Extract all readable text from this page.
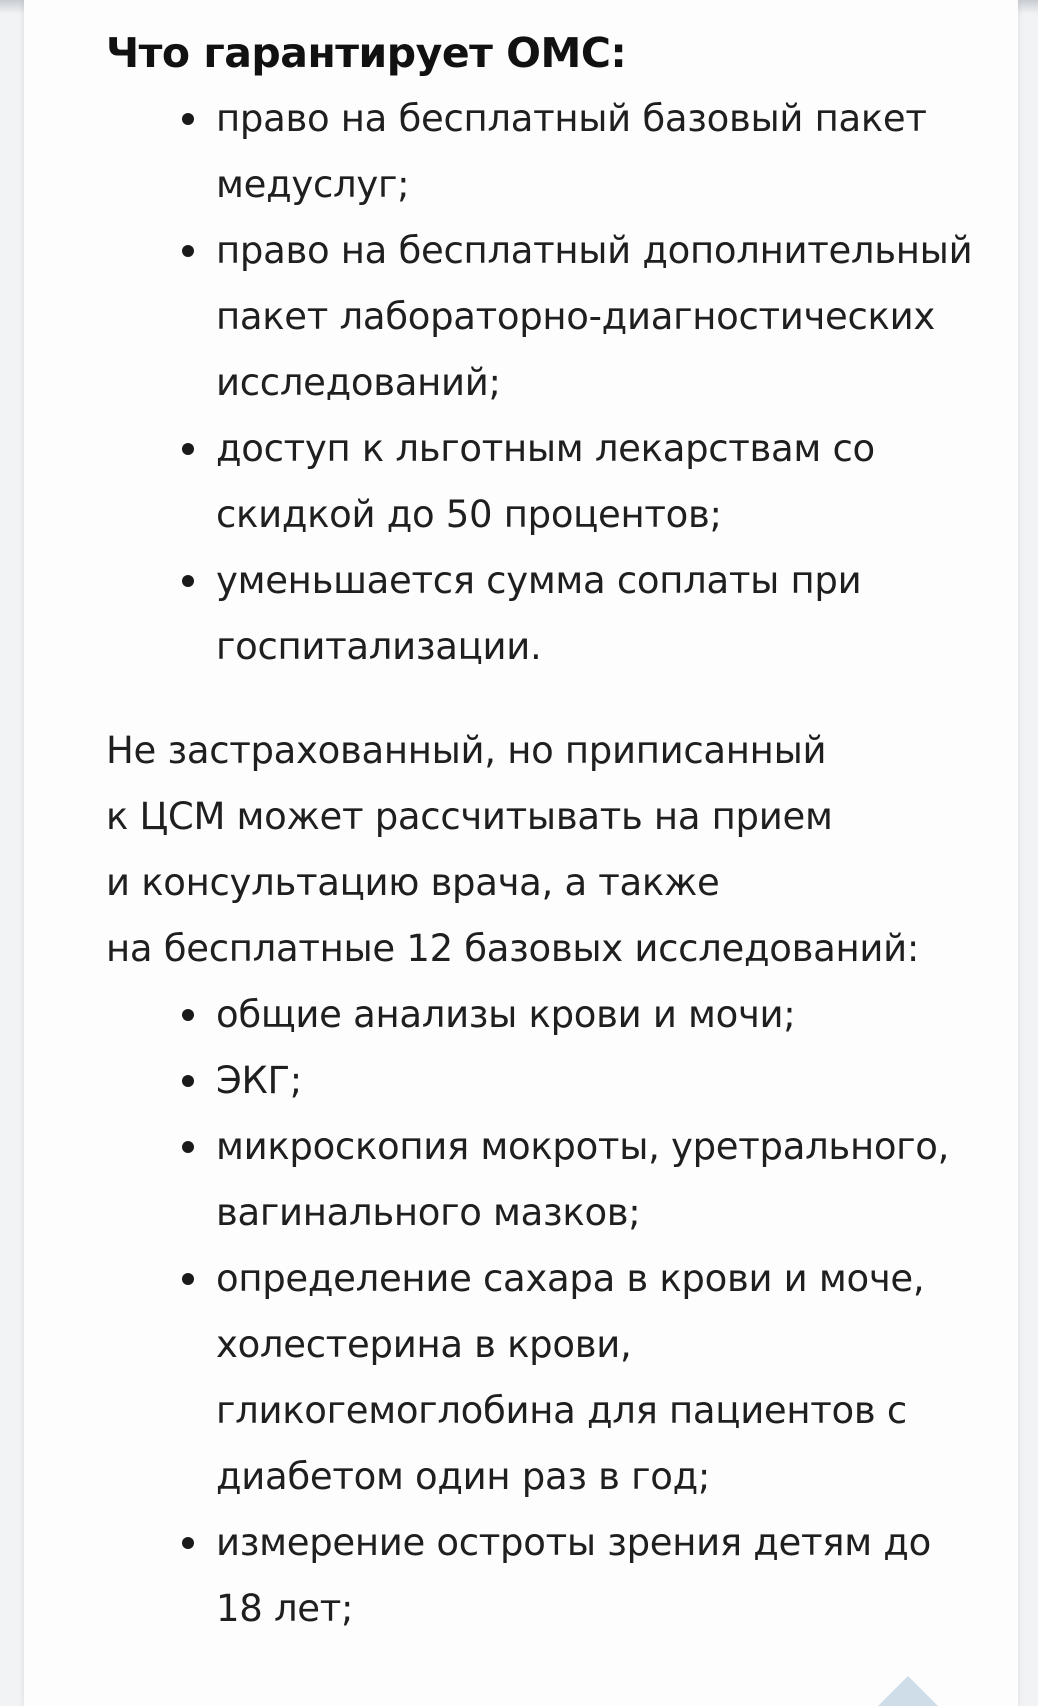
Что гарантирует ОМС:
право на бесплатный базовый пакет медуслуг;
право на бесплатный дополнительный пакет лабораторно-диагностических исследований;
доступ к льготным лекарствам со скидкой до 50 процентов;
уменьшается сумма соплаты при госпитализации.

Не застрахованный, но приписанный
к ЦСМ может рассчитывать на прием
и консультацию врача, а также
на бесплатные 12 базовых исследований:

общие анализы крови и мочи;
ЭКГ;
микроскопия мокроты, уретрального, вагинального мазков;
определение сахара в крови и моче, холестерина в крови, гликогемоглобина для пациентов с диабетом один раз в год;
измерение остроты зрения детям до 18 лет;
